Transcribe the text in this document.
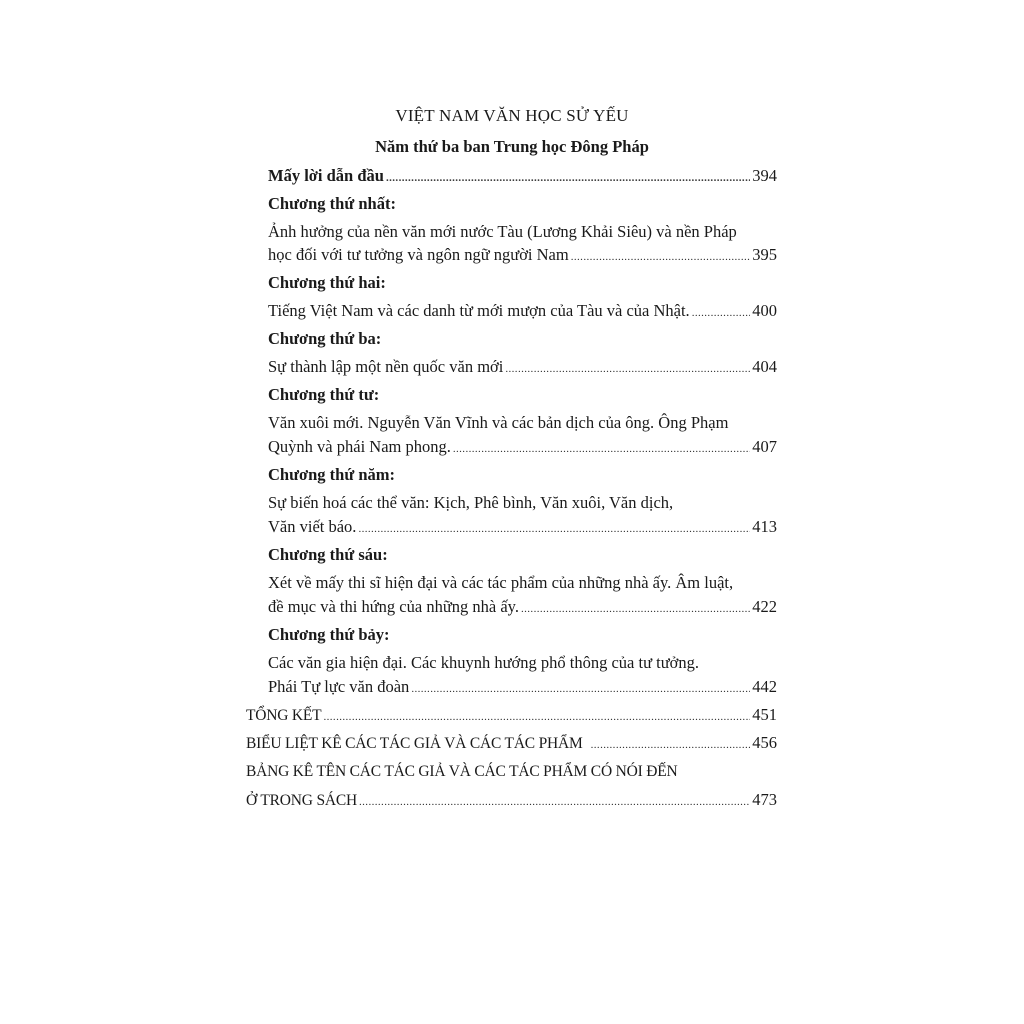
VIỆT NAM VĂN HỌC SỬ YẾU
Năm thứ ba ban Trung học Đông Pháp
Mấy lời dẫn đầu .....	394
Chương thứ nhất:
Ảnh hưởng của nền văn mới nước Tàu (Lương Khải Siêu) và nền Pháp
học đối với tư tưởng và ngôn ngữ người Nam .....	395
Chương thứ hai:
Tiếng Việt Nam và các danh từ mới mượn của Tàu và của Nhật. .....	400
Chương thứ ba:
Sự thành lập một nền quốc văn mới .....	404
Chương thứ tư:
Văn xuôi mới. Nguyễn Văn Vĩnh và các bản dịch của ông. Ông Phạm
Quỳnh và phái Nam phong. .....	407
Chương thứ năm:
Sự biến hoá các thể văn: Kịch, Phê bình, Văn xuôi, Văn dịch,
Văn viết báo. .....	413
Chương thứ sáu:
Xét về mấy thi sĩ hiện đại và các tác phẩm của những nhà ấy. Âm luật,
đề mục và thi hứng của những nhà ấy. .....	422
Chương thứ bảy:
Các văn gia hiện đại. Các khuynh hướng phổ thông của tư tưởng.
Phái Tự lực văn đoàn .....	442
TỔNG KẾT .....	451
BIỂU LIỆT KÊ CÁC TÁC GIẢ VÀ CÁC TÁC PHẨM .....	456
BẢNG KÊ TÊN CÁC TÁC GIẢ VÀ CÁC TÁC PHẨM CÓ NÓI ĐẾN
Ở TRONG SÁCH .....	473
